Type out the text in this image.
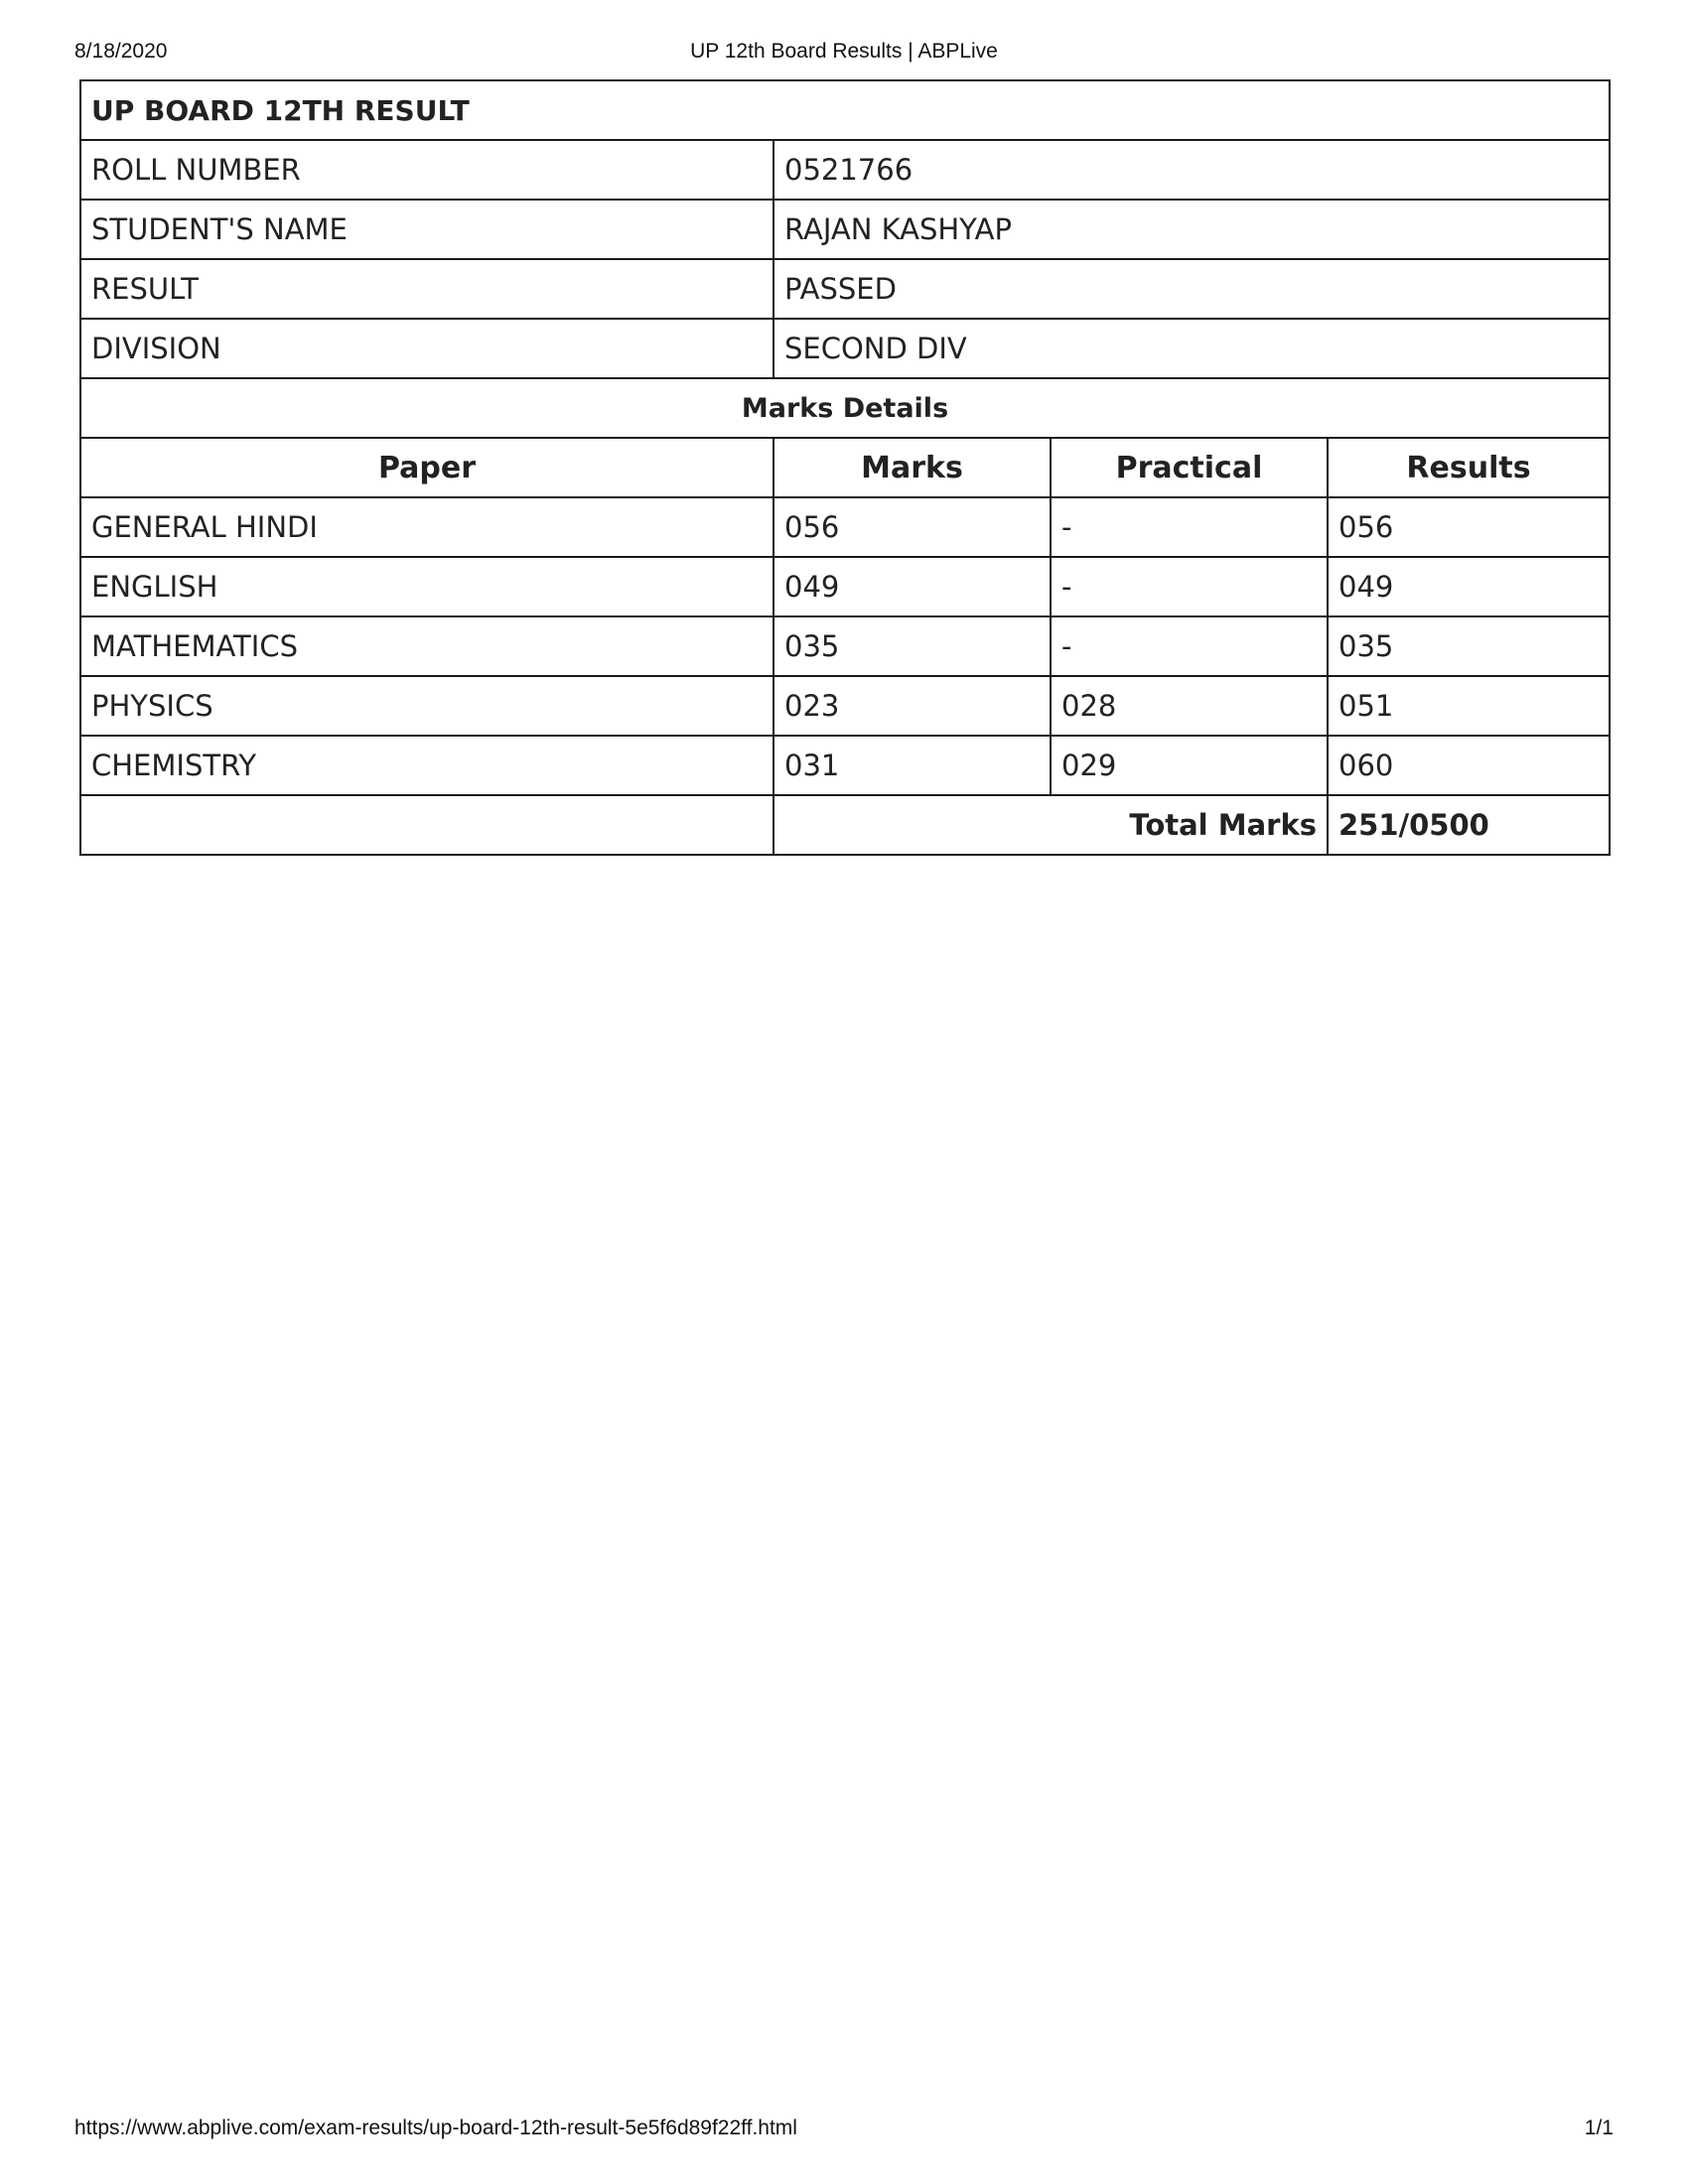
8/18/2020	UP 12th Board Results | ABPLive
UP BOARD 12TH RESULT			
ROLL NUMBER	0521766		
STUDENT'S NAME	RAJAN KASHYAP		
RESULT	PASSED		
DIVISION	SECOND DIV		
Marks Details			
Paper	Marks	Practical	Results
GENERAL HINDI	056	-	056
ENGLISH	049	-	049
MATHEMATICS	035	-	035
PHYSICS	023	028	051
CHEMISTRY	031	029	060
	Total Marks		251/0500
https://www.abplive.com/exam-results/up-board-12th-result-5e5f6d89f22ff.html	1/1
